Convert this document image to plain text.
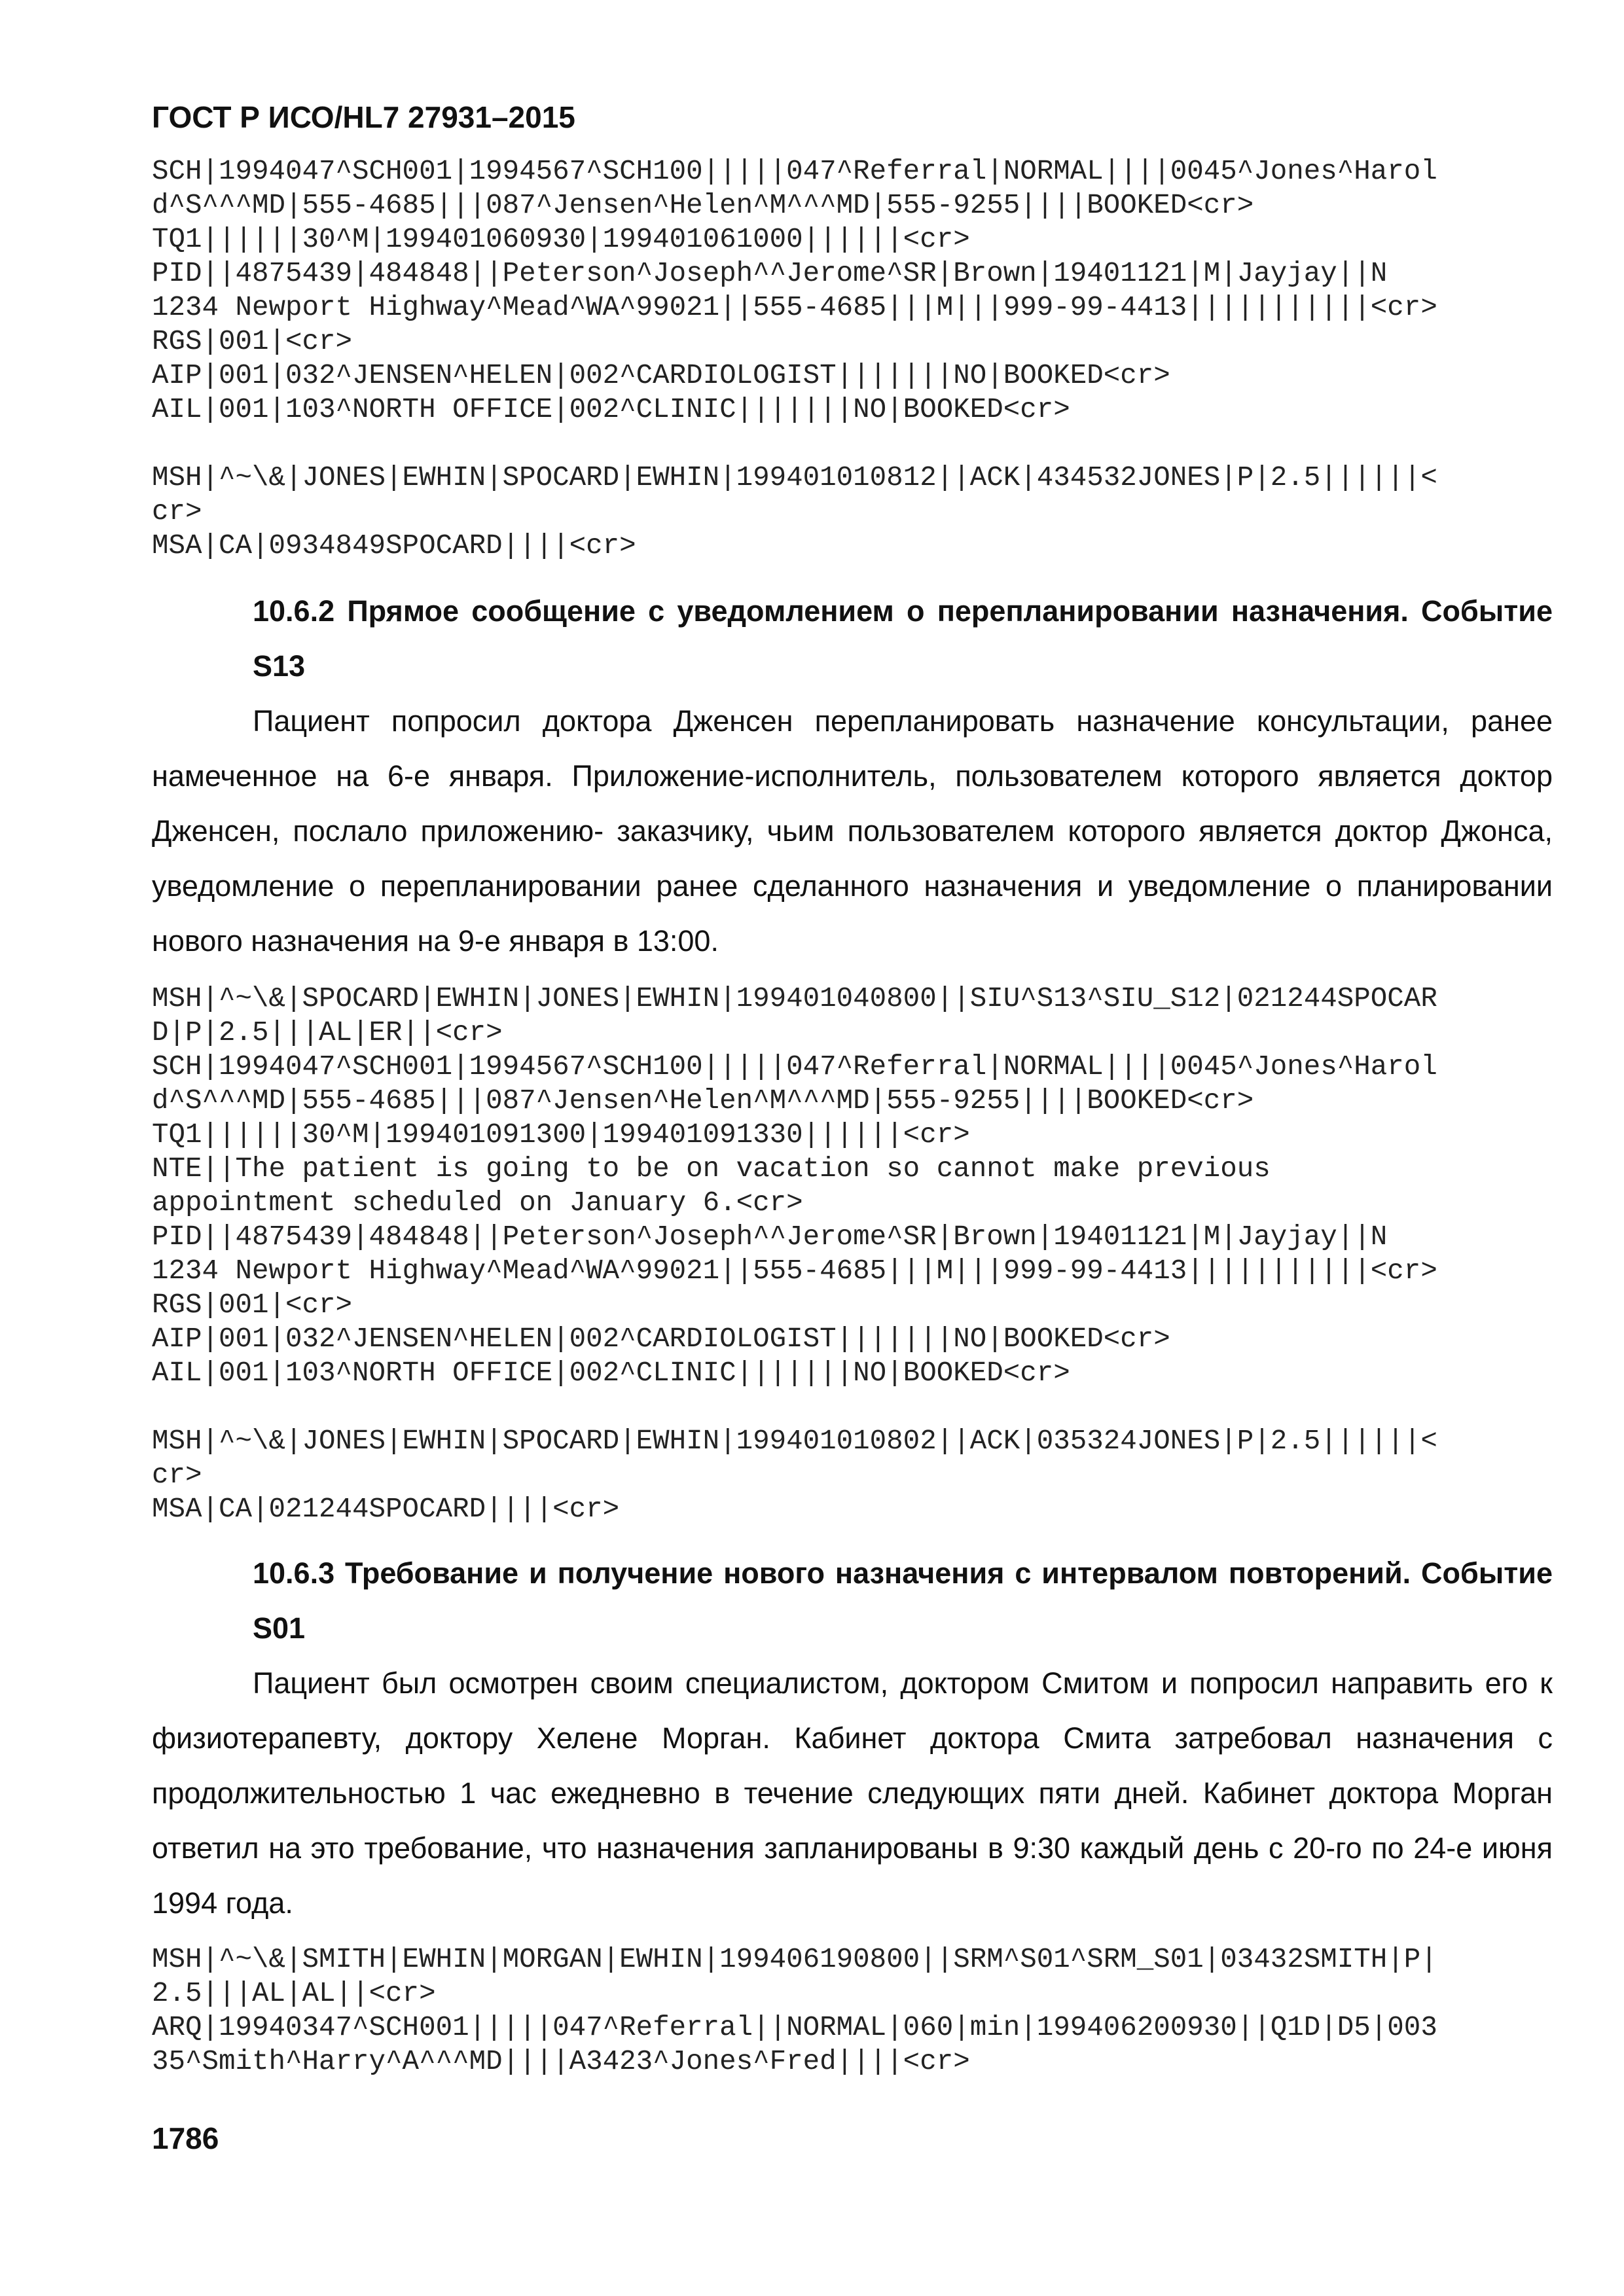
ГОСТ Р ИСО/HL7 27931–2015
SCH|1994047^SCH001|1994567^SCH100|||||047^Referral|NORMAL||||0045^Jones^Harol
d^S^^^MD|555-4685|||087^Jensen^Helen^M^^^MD|555-9255||||BOOKED<cr>
TQ1||||||30^M|199401060930|199401061000||||||<cr>
PID||4875439|484848||Peterson^Joseph^^Jerome^SR|Brown|19401121|M|Jayjay||N
1234 Newport Highway^Mead^WA^99021||555-4685|||M|||999-99-4413|||||||||||<cr>
RGS|001|<cr>
AIP|001|032^JENSEN^HELEN|002^CARDIOLOGIST|||||||NO|BOOKED<cr>
AIL|001|103^NORTH OFFICE|002^CLINIC|||||||NO|BOOKED<cr>
MSH|^~\&|JONES|EWHIN|SPOCARD|EWHIN|199401010812||ACK|434532JONES|P|2.5||||||<
cr>
MSA|CA|0934849SPOCARD||||<cr>
10.6.2 Прямое сообщение с уведомлением о перепланировании назначения. Событие S13
Пациент попросил доктора Дженсен перепланировать назначение консультации, ранее намеченное на 6-е января. Приложение-исполнитель, пользователем которого является доктор Дженсен, послало приложению- заказчику, чьим пользователем которого является доктор Джонса, уведомление о перепланировании ранее сделанного назначения и уведомление о планировании нового назначения на 9-е января в 13:00.
MSH|^~\&|SPOCARD|EWHIN|JONES|EWHIN|199401040800||SIU^S13^SIU_S12|021244SPOCAR
D|P|2.5|||AL|ER||<cr>
SCH|1994047^SCH001|1994567^SCH100|||||047^Referral|NORMAL||||0045^Jones^Harol
d^S^^^MD|555-4685|||087^Jensen^Helen^M^^^MD|555-9255||||BOOKED<cr>
TQ1||||||30^M|199401091300|199401091330||||||<cr>
NTE||The patient is going to be on vacation so cannot make previous
appointment scheduled on January 6.<cr>
PID||4875439|484848||Peterson^Joseph^^Jerome^SR|Brown|19401121|M|Jayjay||N
1234 Newport Highway^Mead^WA^99021||555-4685|||M|||999-99-4413|||||||||||<cr>
RGS|001|<cr>
AIP|001|032^JENSEN^HELEN|002^CARDIOLOGIST|||||||NO|BOOKED<cr>
AIL|001|103^NORTH OFFICE|002^CLINIC|||||||NO|BOOKED<cr>
MSH|^~\&|JONES|EWHIN|SPOCARD|EWHIN|199401010802||ACK|035324JONES|P|2.5||||||<
cr>
MSA|CA|021244SPOCARD||||<cr>
10.6.3 Требование и получение нового назначения с интервалом повторений. Событие S01
Пациент был осмотрен своим специалистом, доктором Смитом и попросил направить его к физиотерапевту, доктору Хелене Морган. Кабинет доктора Смита затребовал назначения с продолжительностью 1 час ежедневно в течение следующих пяти дней. Кабинет доктора Морган ответил на это требование, что назначения запланированы в 9:30 каждый день с 20-го по 24-е июня 1994 года.
MSH|^~\&|SMITH|EWHIN|MORGAN|EWHIN|199406190800||SRM^S01^SRM_S01|03432SMITH|P|
2.5|||AL|AL||<cr>
ARQ|19940347^SCH001|||||047^Referral||NORMAL|060|min|199406200930||Q1D|D5|003
35^Smith^Harry^A^^^MD||||A3423^Jones^Fred||||<cr>
1786
